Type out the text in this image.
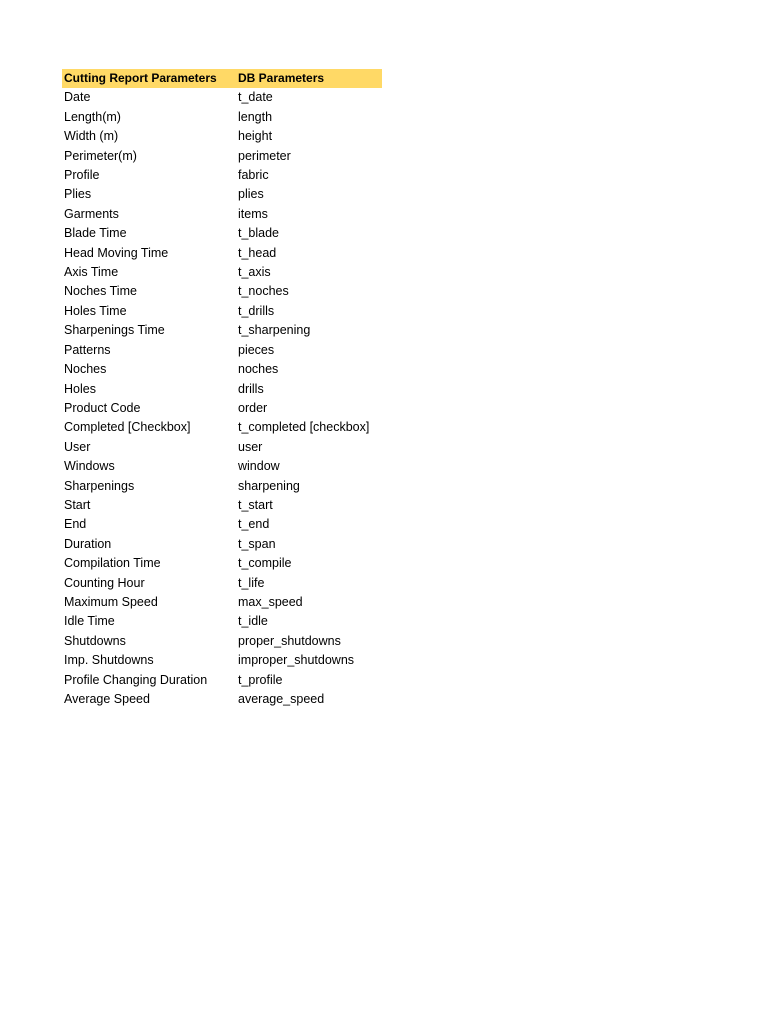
Cutting Report Parameters	DB Parameters
Date	t_date
Length(m)	length
Width (m)	height
Perimeter(m)	perimeter
Profile	fabric
Plies	plies
Garments	items
Blade Time	t_blade
Head Moving Time	t_head
Axis Time	t_axis
Noches Time	t_noches
Holes Time	t_drills
Sharpenings Time	t_sharpening
Patterns	pieces
Noches	noches
Holes	drills
Product Code	order
Completed [Checkbox]	t_completed [checkbox]
User	user
Windows	window
Sharpenings	sharpening
Start	t_start
End	t_end
Duration	t_span
Compilation Time	t_compile
Counting Hour	t_life
Maximum Speed	max_speed
Idle Time	t_idle
Shutdowns	proper_shutdowns
Imp. Shutdowns	improper_shutdowns
Profile Changing Duration	t_profile
Average Speed	average_speed
